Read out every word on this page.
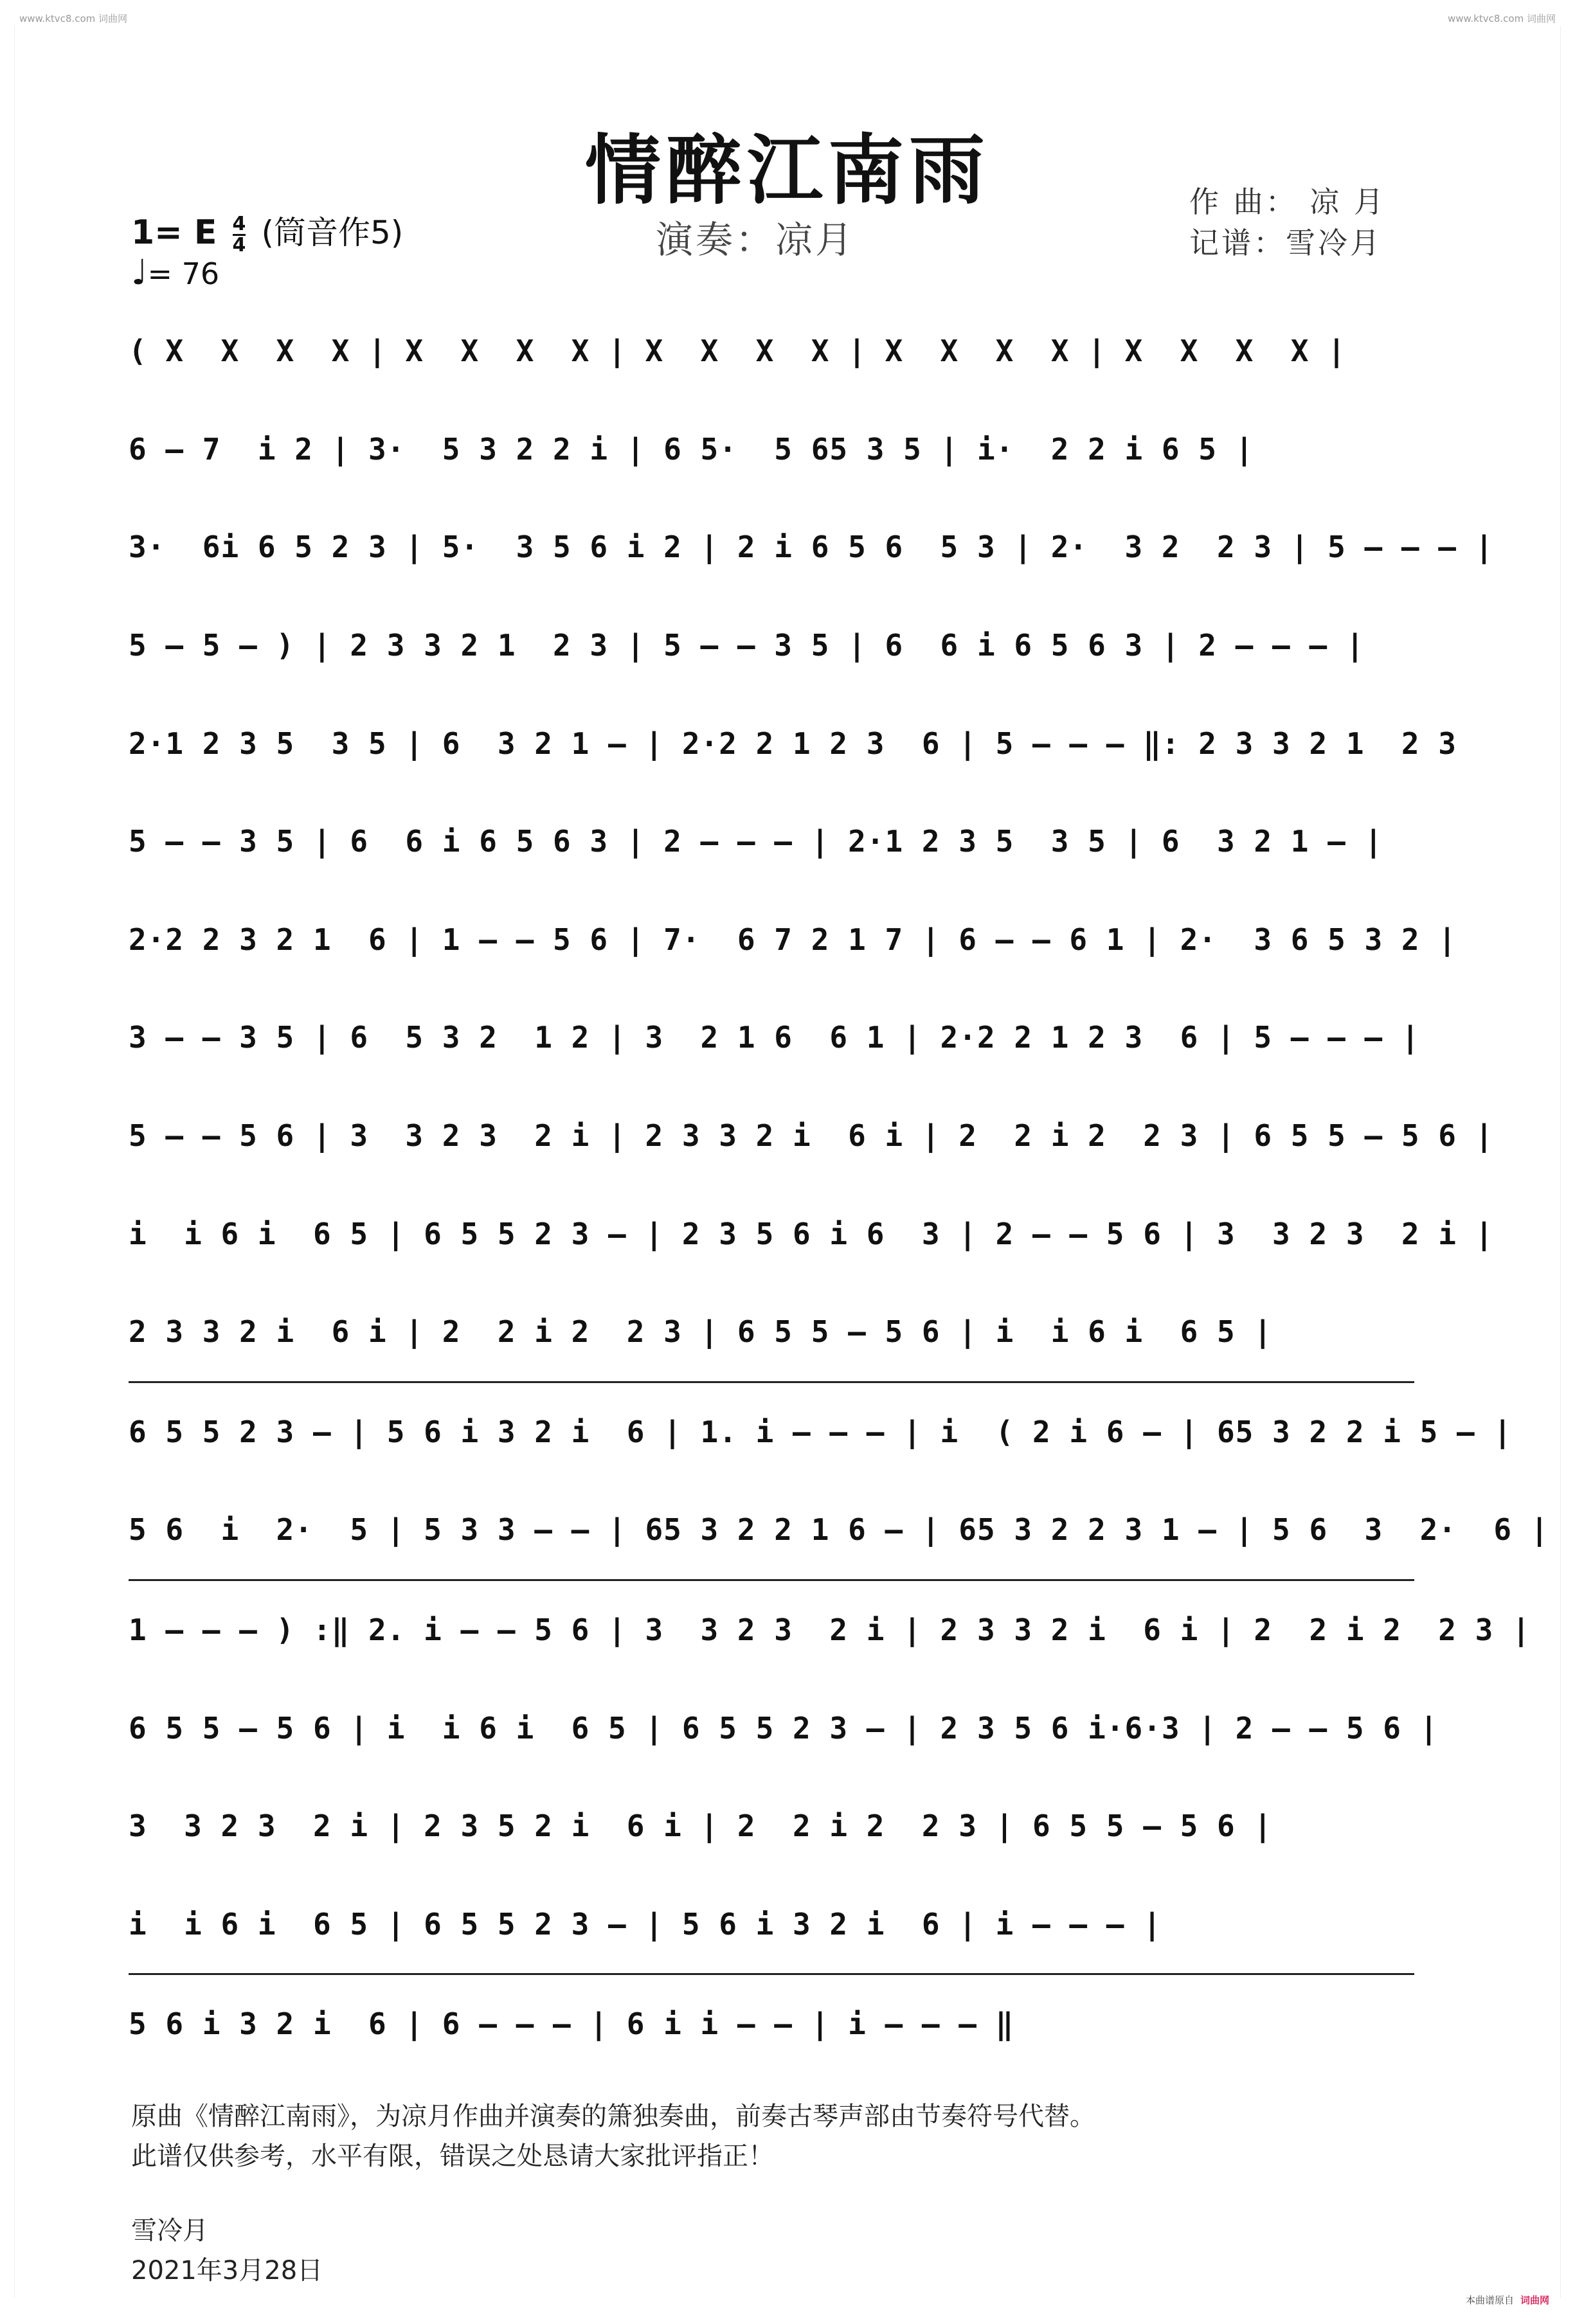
www.ktvc8.com 词曲网	www.ktvc8.com 词曲网
情醉江南雨
1= E $\frac{4}{4}$ (筒音作5)
♩= 76
演奏：凉月
作 曲： 凉 月
记谱：雪冷月
( X  X  X  X | X  X  X  X | X  X  X  X | X  X  X  X | X  X  X  X |
6 – 7  i 2 | 3·  5 3 2 2 i | 6 5·  5 65 3 5 | i·  2 2 i 6 5 |
3·  6i 6 5 2 3 | 5·  3 5 6 i 2 | 2 i 6 5 6  5 3 | 2·  3 2  2 3 | 5 – – – |
5 – 5 – ) | 2 3 3 2 1  2 3 | 5 – – 3 5 | 6  6 i 6 5 6 3 | 2 – – – |
2·1 2 3 5  3 5 | 6  3 2 1 – | 2·2 2 1 2 3  6 | 5 – – – ‖: 2 3 3 2 1  2 3
5 – – 3 5 | 6  6 i 6 5 6 3 | 2 – – – | 2·1 2 3 5  3 5 | 6  3 2 1 – |
2·2 2 3 2 1  6 | 1 – – 5 6 | 7·  6 7 2 1 7 | 6 – – 6 1 | 2·  3 6 5 3 2 |
3 – – 3 5 | 6  5 3 2  1 2 | 3  2 1 6  6 1 | 2·2 2 1 2 3  6 | 5 – – – |
5 – – 5 6 | 3  3 2 3  2 i | 2 3 3 2 i  6 i | 2  2 i 2  2 3 | 6 5 5 – 5 6 |
i  i 6 i  6 5 | 6 5 5 2 3 – | 2 3 5 6 i 6  3 | 2 – – 5 6 | 3  3 2 3  2 i |
2 3 3 2 i  6 i | 2  2 i 2  2 3 | 6 5 5 – 5 6 | i  i 6 i  6 5 |
6 5 5 2 3 – | 5 6 i 3 2 i  6 | 1. i – – – | i  ( 2 i 6 – | 65 3 2 2 i 5 – |
5 6  i  2·  5 | 5 3 3 – – | 65 3 2 2 1 6 – | 65 3 2 2 3 1 – | 5 6  3  2·  6 |
1 – – – ) :‖ 2. i – – 5 6 | 3  3 2 3  2 i | 2 3 3 2 i  6 i | 2  2 i 2  2 3 |
6 5 5 – 5 6 | i  i 6 i  6 5 | 6 5 5 2 3 – | 2 3 5 6 i·6·3 | 2 – – 5 6 |
3  3 2 3  2 i | 2 3 5 2 i  6 i | 2  2 i 2  2 3 | 6 5 5 – 5 6 |
i  i 6 i  6 5 | 6 5 5 2 3 – | 5 6 i 3 2 i  6 | i – – – |
5 6 i 3 2 i  6 | 6 – – – | 6 i i – – | i – – – ‖
原曲《情醉江南雨》，为凉月作曲并演奏的箫独奏曲，前奏古琴声部由节奏符号代替。
此谱仅供参考，水平有限，错误之处恳请大家批评指正！
雪冷月
2021年3月28日
本曲谱原自 词曲网
